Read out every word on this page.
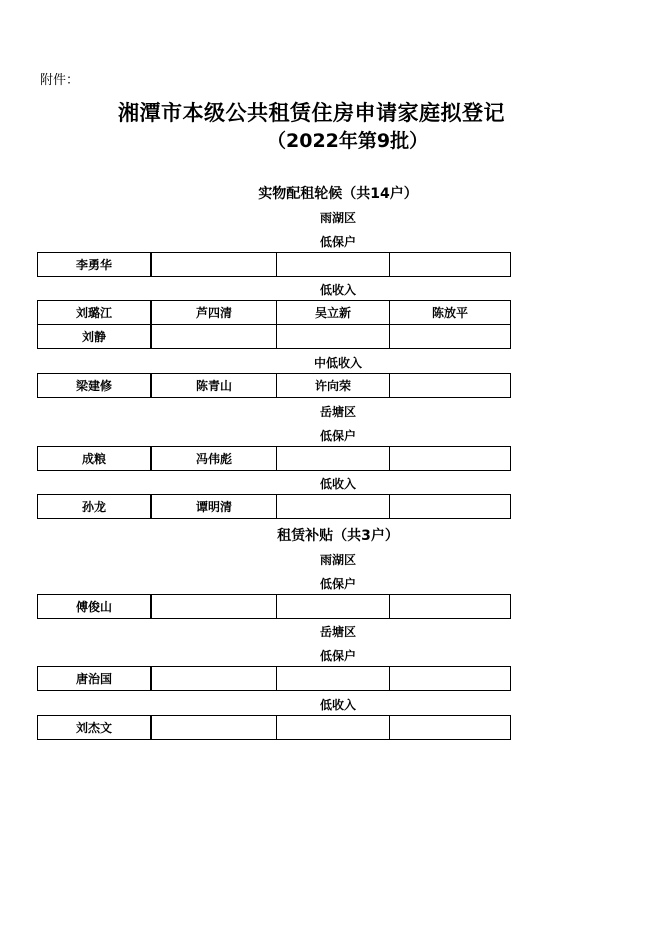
附件：
湘潭市本级公共租赁住房申请家庭拟登记
（2022年第9批）
实物配租轮候（共14户）
雨湖区
低保户
李勇华			
低收入
刘璐江	芦四清	吴立新	陈放平
刘静			
中低收入
梁建修	陈青山	许向荣	
岳塘区
低保户
成粮	冯伟彪		
低收入
孙龙	谭明清		
租赁补贴（共3户）
雨湖区
低保户
傅俊山			
岳塘区
低保户
唐治国			
低收入
刘杰文			
